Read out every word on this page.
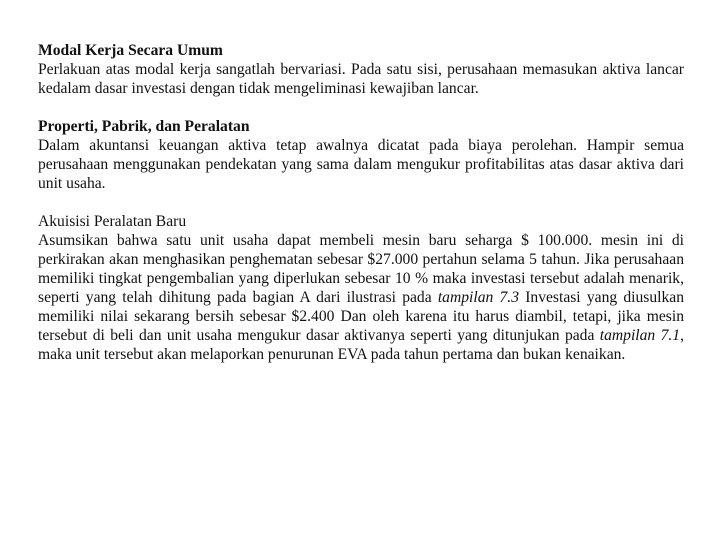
Modal Kerja Secara Umum

Perlakuan atas modal kerja sangatlah bervariasi. Pada satu sisi, perusahaan memasukan aktiva lancar kedalam dasar investasi dengan tidak mengeliminasi kewajiban lancar.

Properti, Pabrik, dan Peralatan

Dalam akuntansi keuangan aktiva tetap awalnya dicatat pada biaya perolehan. Hampir semua perusahaan menggunakan pendekatan yang sama dalam mengukur profitabilitas atas dasar aktiva dari unit usaha.

Akuisisi Peralatan Baru

Asumsikan bahwa satu unit usaha dapat membeli mesin baru seharga $ 100.000. mesin ini di perkirakan akan menghasikan penghematan sebesar $27.000 pertahun selama 5 tahun. Jika perusahaan memiliki tingkat pengembalian yang diperlukan sebesar 10 % maka investasi tersebut adalah menarik, seperti yang telah dihitung pada bagian A dari ilustrasi pada tampilan 7.3 Investasi yang diusulkan memiliki nilai sekarang bersih sebesar $2.400 Dan oleh karena itu harus diambil, tetapi, jika mesin tersebut di beli dan unit usaha mengukur dasar aktivanya seperti yang ditunjukan pada tampilan 7.1, maka unit tersebut akan melaporkan penurunan EVA pada tahun pertama dan bukan kenaikan.
